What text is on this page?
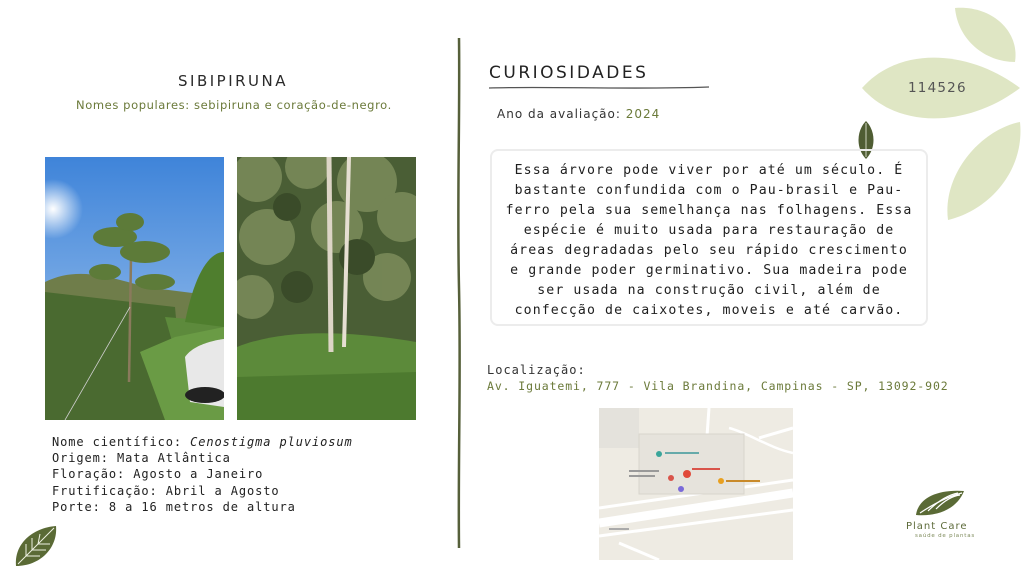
114526
SIBIPIRUNA
Nomes populares: sebipiruna e coração-de-negro.
Nome científico: Cenostigma pluviosum
Origem: Mata Atlântica
Floração: Agosto a Janeiro
Frutificação: Abril a Agosto
Porte: 8 a 16 metros de altura
CURIOSIDADES
Ano da avaliação: 2024
Essa árvore pode viver por até um século. É bastante confundida com o Pau-brasil e Pau-ferro pela sua semelhança nas folhagens. Essa espécie é muito usada para restauração de áreas degradadas pelo seu rápido crescimento e grande poder germinativo. Sua madeira pode ser usada na construção civil, além de confecção de caixotes, moveis e até carvão.
Localização:
Av. Iguatemi, 777 - Vila Brandina, Campinas - SP, 13092-902
Plant Care
saúde de plantas
